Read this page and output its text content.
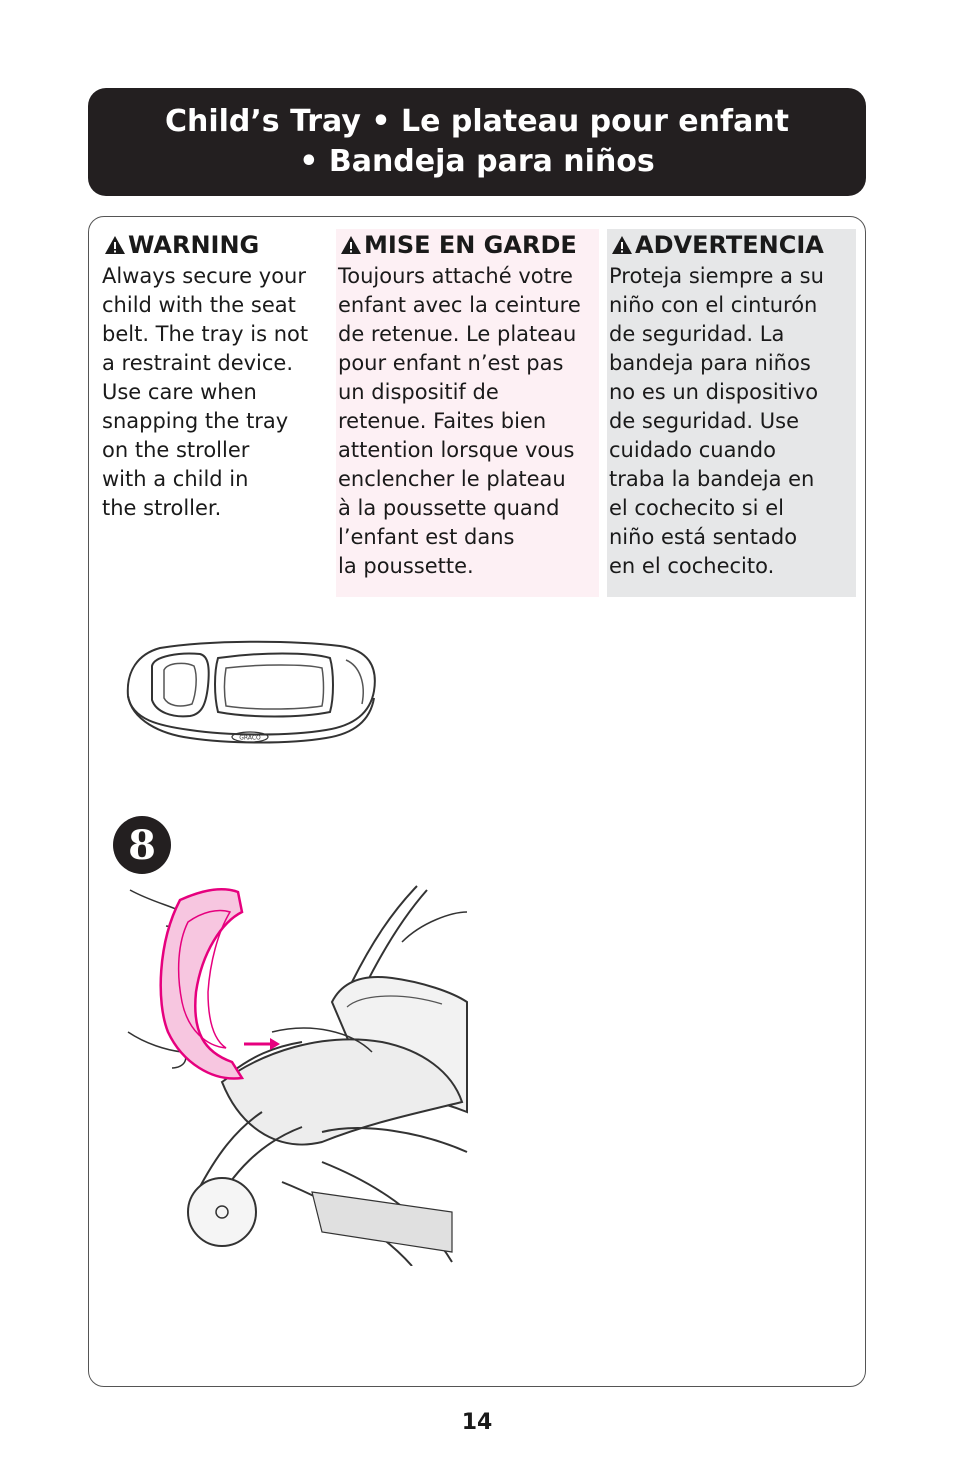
Child’s Tray • Le plateau pour enfant
• Bandeja para niños
WARNING

Always secure your
child with the seat
belt. The tray is not
a restraint device.
Use care when
snapping the tray
on the stroller
with a child in
the stroller.

MISE EN GARDE

Toujours attaché votre
enfant avec la ceinture
de retenue. Le plateau
pour enfant n’est pas
un dispositif de
retenue. Faites bien
attention lorsque vous
enclencher le plateau
à la poussette quand
l’enfant est dans
la poussette.

ADVERTENCIA

Proteja siempre a su
niño con el cinturón
de seguridad. La
bandeja para niños
no es un dispositivo
de seguridad. Use
cuidado cuando
traba la bandeja en
el cochecito si el
niño está sentado
en el cochecito.

GRACO
8
14
